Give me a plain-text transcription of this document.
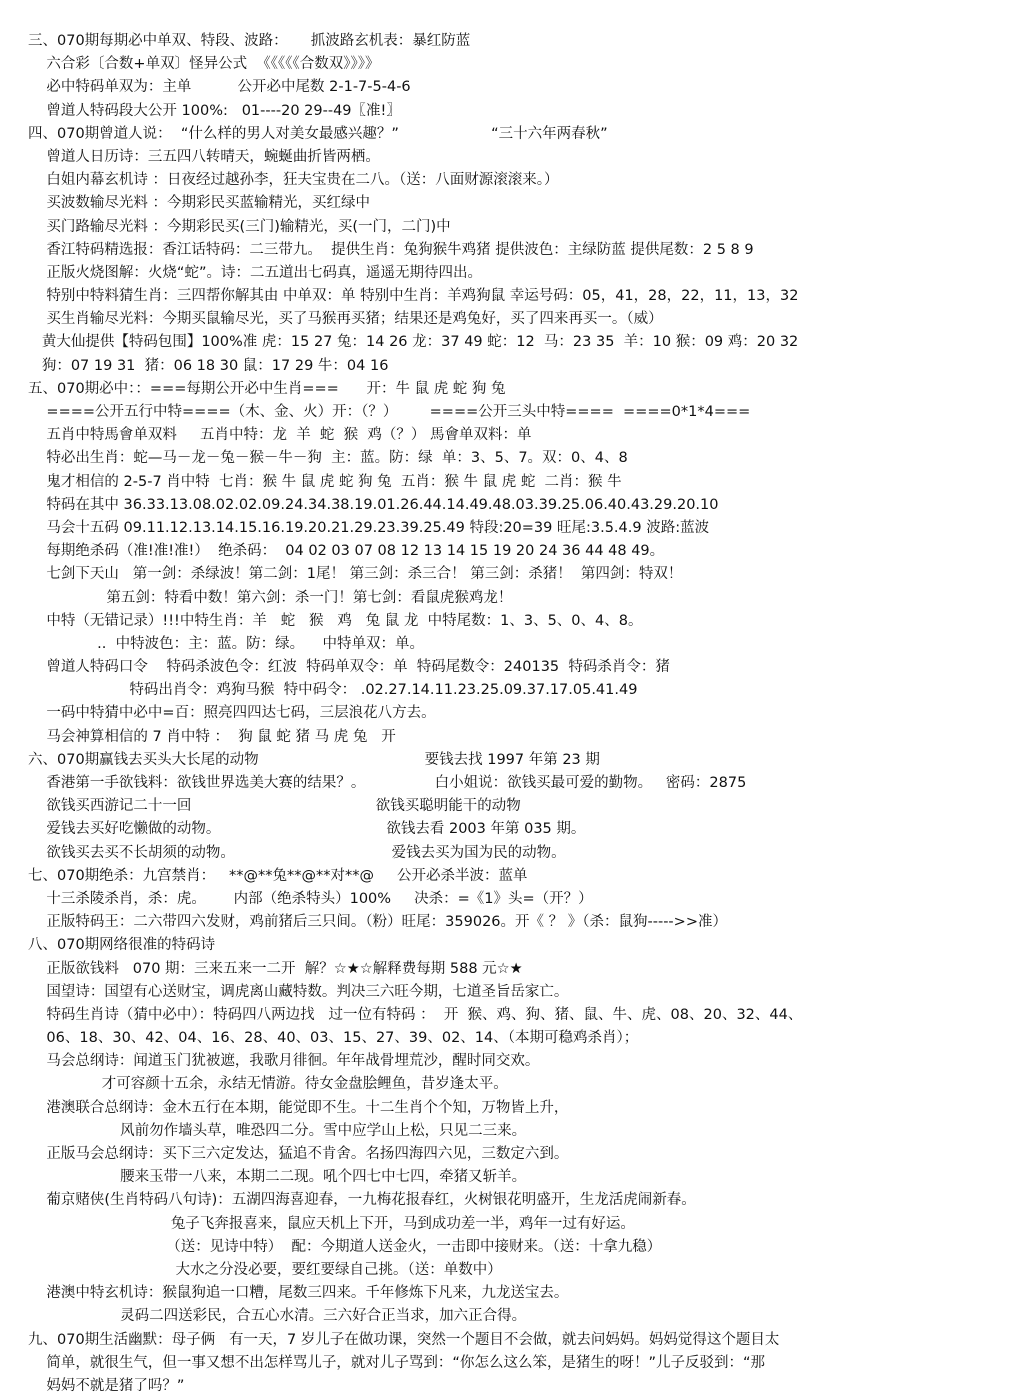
三、070期每期必中单双、特段、波路：     抓波路玄机表：暴红防蓝
六合彩〔合数+单双〕怪异公式  《《《《《合数双》》》》
必中特码单双为：主单          公开必中尾数 2-1-7-5-4-6
曾道人特码段大公开 100%:   01----20 29--49〖准!〗
四、070期曾道人说：  “什么样的男人对美女最感兴趣？”                    “三十六年两春秋”
曾道人日历诗：三五四八转晴天，蜿蜒曲折皆两栖。
白姐内幕玄机诗 ：日夜经过越孙李，狂夫宝贵在二八。（送：八面财源滚滚来。）
买波数输尽光料 ：今期彩民买蓝输精光，买红绿中
买门路输尽光料 ：今期彩民买(三门)输精光，买(一门，二门)中
香江特码精选报：香江话特码：二三带九。  提供生肖：兔狗猴牛鸡猪 提供波色：主绿防蓝 提供尾数：2 5 8 9
正版火烧图解：火烧“蛇”。诗：二五道出七码真，遥遥无期待四出。
特别中特料猜生肖：三四帮你解其由 中单双：单 特别中生肖：羊鸡狗鼠 幸运号码：05，41，28，22，11，13，32
买生肖输尽光料：今期买鼠输尽光，买了马猴再买猪；结果还是鸡兔好，买了四来再买一。（威）
黄大仙提供【特码包围】100%准 虎：15 27 兔：14 26 龙：37 49 蛇：12  马：23 35  羊：10 猴：09 鸡：20 32
狗：07 19 31  猪：06 18 30 鼠：17 29 牛：04 16
五、070期必中：：===每期公开必中生肖===      开：牛 鼠 虎 蛇 狗 兔
====公开五行中特====（木、金、火）开：（？）       ====公开三头中特====  ====0*1*4===
五肖中特馬會单双料     五肖中特：龙  羊  蛇  猴  鸡（？） 馬會单双料：单
特必出生肖：蛇—马－龙－兔－猴－牛－狗  主：蓝。防：绿  单：3、5、7。双：0、4、8
鬼才相信的 2-5-7 肖中特  七肖：猴 牛 鼠 虎 蛇 狗 兔  五肖：猴 牛 鼠 虎 蛇  二肖：猴 牛
特码在其中 36.33.13.08.02.02.09.24.34.38.19.01.26.44.14.49.48.03.39.25.06.40.43.29.20.10
马会十五码 09.11.12.13.14.15.16.19.20.21.29.23.39.25.49 特段:20=39 旺尾:3.5.4.9 波路:蓝波
每期绝杀码（准!准!准!）  绝杀码：  04 02 03 07 08 12 13 14 15 19 20 24 36 44 48 49。
七剑下天山   第一剑：杀绿波！第二剑：1尾！ 第三剑：杀三合！ 第三剑：杀猪！  第四剑：特双！
第五剑：特看中数！第六剑：杀一门！第七剑：看鼠虎猴鸡龙！
中特（无错记录）!!!中特生肖：羊   蛇   猴   鸡   兔 鼠 龙  中特尾数：1、3、5、0、4、8。
..  中特波色：主：蓝。防：绿。    中特单双：单。
曾道人特码口令    特码杀波色令：红波  特码单双令：单  特码尾数令：240135  特码杀肖令：猪
特码出肖令：鸡狗马猴  特中码令： .02.27.14.11.23.25.09.37.17.05.41.49
一码中特猜中必中=百：照亮四四达七码，三层浪花八方去。
马会神算相信的 7 肖中特 ：  狗 鼠 蛇 猪 马 虎 兔   开
六、070期赢钱去买头大长尾的动物                                    要钱去找 1997 年第 23 期
香港第一手欲钱料：欲钱世界选美大赛的结果？。               白小姐说：欲钱买最可爱的勤物。   密码：2875
欲钱买西游记二十一回                                        欲钱买聪明能干的动物
爱钱去买好吃懒做的动物。                                    欲钱去看 2003 年第 035 期。
欲钱买去买不长胡须的动物。                                  爱钱去买为国为民的动物。
七、070期绝杀：九宫禁肖：   **@**兔**@**对**@     公开必杀半波：蓝单
十三杀陵杀肖，杀：虎。      内部（绝杀特头）100%     决杀：=《1》头=（开？）
正版特码王：二六带四六发财，鸡前猪后三只间。（粉）旺尾：359026。开《 ？ 》（杀：鼠狗----->>准）
八、070期网络很准的特码诗
正版欲钱料   070 期：三来五来一二开  解？☆★☆解释费每期 588 元☆★
国望诗：国望有心送财宝，调虎离山藏特数。判决三六旺今期，七道圣旨岳家亡。
特码生肖诗（猜中必中）：特码四八两边找   过一位有特码 ：  开  猴、鸡、狗、猪、鼠、牛、虎、08、20、32、44、
06、18、30、42、04、16、28、40、03、15、27、39、02、14、（本期可稳鸡杀肖）；
马会总纲诗：闻道玉门犹被遮，我歌月徘徊。年年战骨埋荒沙，醒时同交欢。
才可容颜十五余，永结无情游。待女金盘脍鲤鱼，昔岁逢太平。
港澳联合总纲诗：金木五行在本期，能觉即不生。十二生肖个个知，万物皆上升，
风前勿作墙头草，唯恐四二分。雪中应学山上松，只见二三来。
正版马会总纲诗：买下三六定发达，猛追不肯舍。名扬四海四六见，三数定六到。
腰来玉带一八来，本期二二现。吼个四七中七四，牵猪又斩羊。
葡京赌侠(生肖特码八句诗)：五湖四海喜迎春，一九梅花报春红，火树银花明盛开，生龙活虎闹新春。
兔子飞奔报喜来，鼠应天机上下开，马到成功差一半，鸡年一过有好运。
（送：见诗中特）  配：今期道人送金火，一击即中接财来。（送：十拿九稳）
大水之分没必要，要红要绿自己挑。（送：单数中）
港澳中特玄机诗：猴鼠狗追一口糟，尾数三四来。千年修炼下凡来，九龙送宝去。
灵码二四送彩民，合五心水清。三六好合正当求，加六正合得。
九、070期生活幽默：母子俩   有一天，7 岁儿子在做功课，突然一个题目不会做，就去问妈妈。妈妈觉得这个题目太
简单，就很生气，但一事又想不出怎样骂儿子，就对儿子骂到：“你怎么这么笨，是猪生的呀！”儿子反驳到：“那
妈妈不就是猪了吗？”
